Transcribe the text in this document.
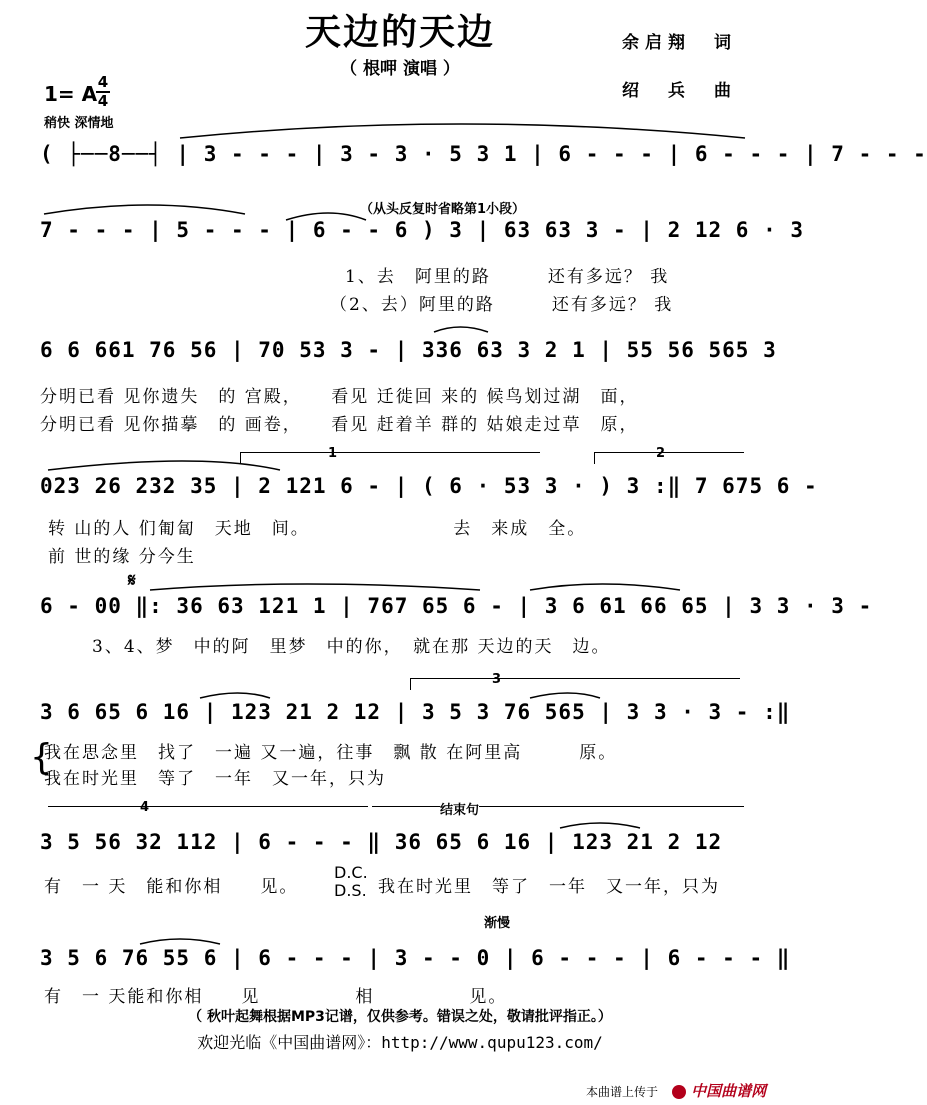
天边的天边
（ 根呷 演唱 ）
余启翔　词
绍　兵　曲
1= A 4
4
稍快 深情地
( ├──8──┤ | 3 - - - | 3 - 3 · 5 3 1 | 6 - - - | 6 - - - | 7 - - -
（从头反复时省略第1小段）
7 - - - | 5 - - - | 6 - - 6 ) 3 | 63 63 3 - | 2 12 6 · 3
1、去　阿里的路　　　还有多远？ 我
（2、去）阿里的路　　　还有多远？ 我
6 6 661 76 56 | 70 53 3 - | 336 63 3 2 1 | 55 56 565 3
分明已看 见你遗失　的 宫殿，　　看见 迁徙回 来的 候鸟划过湖　面，
分明已看 见你描摹　的 画卷，　　看见 赶着羊 群的 姑娘走过草　原，
1	2
023 26 232 35 | 2 121 6 - | ( 6 · 53 3 · ) 3 :‖ 7 675 6 -
转 山的人 们匍匐　天地　间。　　　　　　　　去　来成　全。
前 世的缘 分今生
𝄋
6 - 00 ‖: 36 63 121 1 | 767 65 6 - | 3 6 61 66 65 | 3 3 · 3 -
3、4、梦　中的阿　里梦　中的你，　就在那 天边的天　边。
3
3 6 65 6 16 | 123 21 2 12 | 3 5 3 76 565 | 3 3 · 3 - :‖
{
我在思念里　找了　一遍 又一遍，往事　飘 散 在阿里高　　　原。
我在时光里　等了　一年　又一年，只为
4	结束句
3 5 56 32 112 | 6 - - - ‖ 36 65 6 16 | 123 21 2 12
有　一 天　能和你相　　见。
D.C.
D.S. 我在时光里　等了　一年　又一年，只为
渐慢
3 5 6 76 55 6 | 6 - - - | 3 - - 0 | 6 - - - | 6 - - - ‖
有　一 天能和你相　　见　　　　　相　　　　　见。
（ 秋叶起舞根据MP3记谱，仅供参考。错误之处，敬请批评指正。）
欢迎光临《中国曲谱网》：http://www.qupu123.com/
本曲谱上传于	中国曲谱网
